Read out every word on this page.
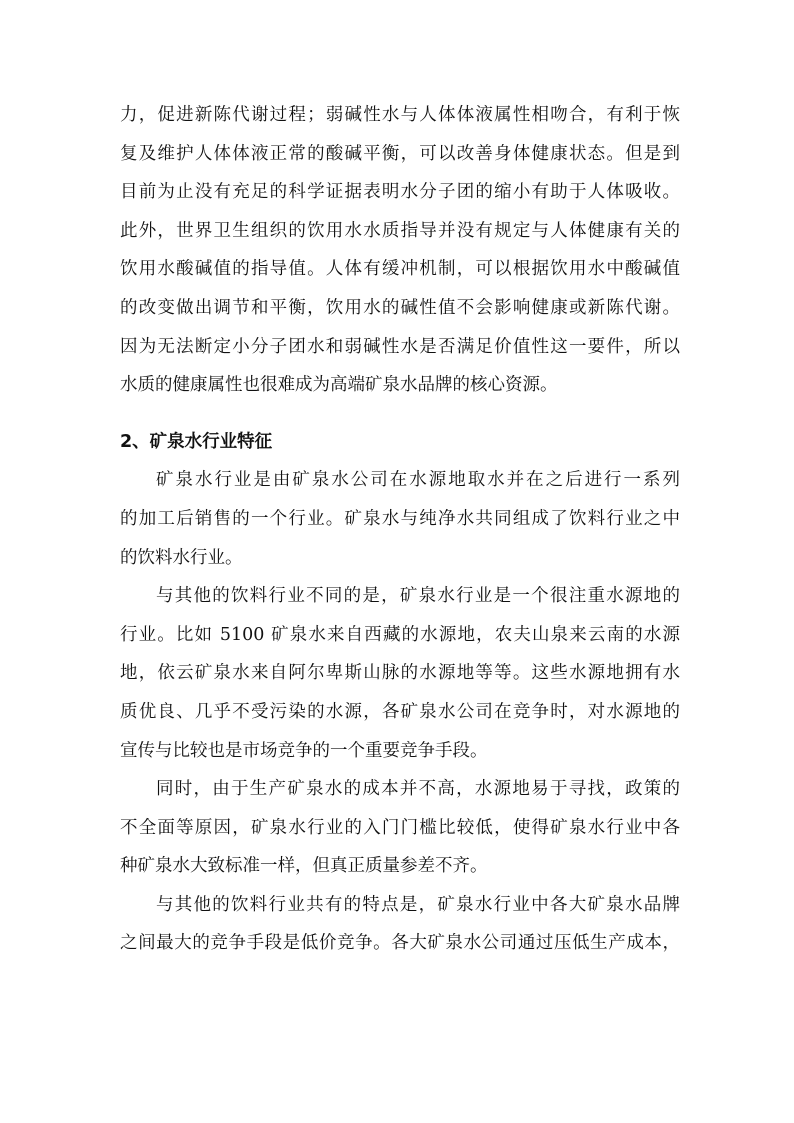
力，促进新陈代谢过程；弱碱性水与人体体液属性相吻合，有利于恢
复及维护人体体液正常的酸碱平衡，可以改善身体健康状态。但是到
目前为止没有充足的科学证据表明水分子团的缩小有助于人体吸收。
此外，世界卫生组织的饮用水水质指导并没有规定与人体健康有关的
饮用水酸碱值的指导值。人体有缓冲机制，可以根据饮用水中酸碱值
的改变做出调节和平衡，饮用水的碱性值不会影响健康或新陈代谢。
因为无法断定小分子团水和弱碱性水是否满足价值性这一要件，所以
水质的健康属性也很难成为高端矿泉水品牌的核心资源。
2、矿泉水行业特征
矿泉水行业是由矿泉水公司在水源地取水并在之后进行一系列
的加工后销售的一个行业。矿泉水与纯净水共同组成了饮料行业之中
的饮料水行业。
与其他的饮料行业不同的是，矿泉水行业是一个很注重水源地的
行业。比如 5100 矿泉水来自西藏的水源地，农夫山泉来云南的水源
地，依云矿泉水来自阿尔卑斯山脉的水源地等等。这些水源地拥有水
质优良、几乎不受污染的水源，各矿泉水公司在竞争时，对水源地的
宣传与比较也是市场竞争的一个重要竞争手段。
同时，由于生产矿泉水的成本并不高，水源地易于寻找，政策的
不全面等原因，矿泉水行业的入门门槛比较低，使得矿泉水行业中各
种矿泉水大致标准一样，但真正质量参差不齐。
与其他的饮料行业共有的特点是，矿泉水行业中各大矿泉水品牌
之间最大的竞争手段是低价竞争。各大矿泉水公司通过压低生产成本，
